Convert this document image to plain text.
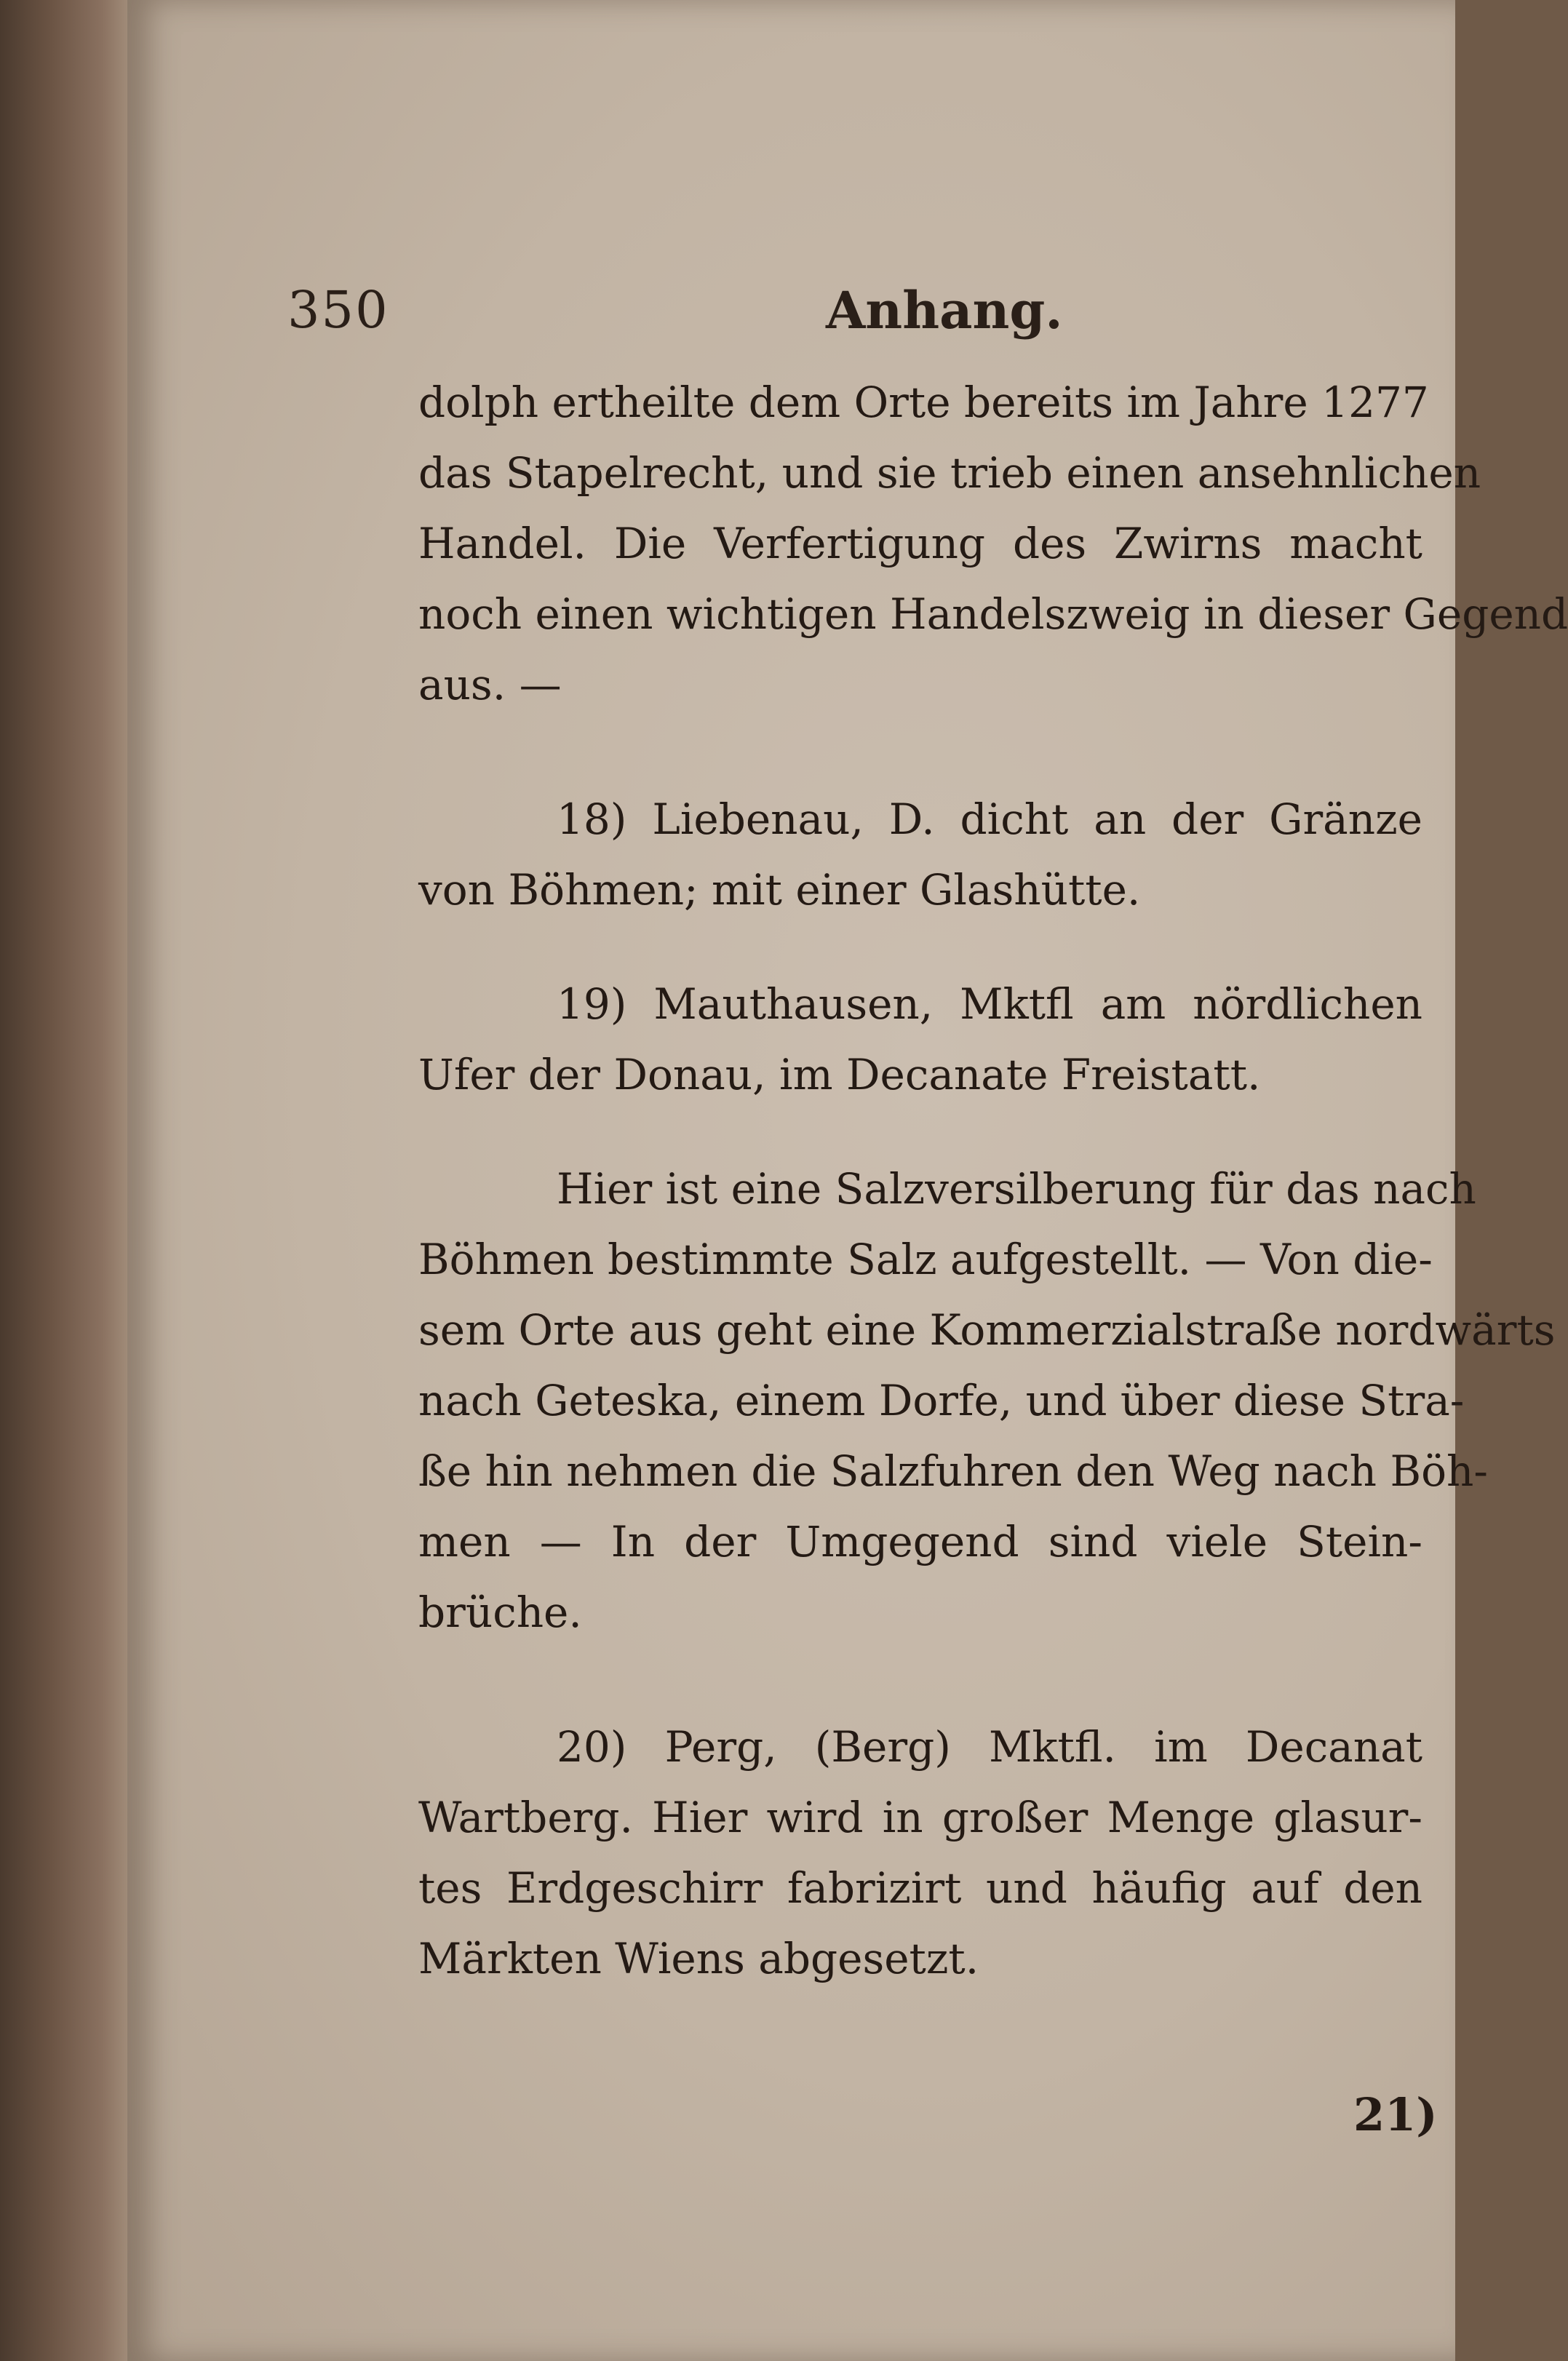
350	Anhang.
dolph ertheilte dem Orte bereits im Jahre 1277
das Stapelrecht, und sie trieb einen ansehnlichen
Handel. Die Verfertigung des Zwirns macht
noch einen wichtigen Handelszweig in dieser Gegend
aus. —
18) Liebenau, D. dicht an der Gränze
von Böhmen; mit einer Glashütte.
19) Mauthausen, Mktfl am nördlichen
Ufer der Donau, im Decanate Freistatt.
Hier ist eine Salzversilberung für das nach
Böhmen bestimmte Salz aufgestellt. — Von die-
sem Orte aus geht eine Kommerzialstraße nordwärts
nach Geteska, einem Dorfe, und über diese Stra-
ße hin nehmen die Salzfuhren den Weg nach Böh-
men — In der Umgegend sind viele Stein-
brüche.
20) Perg, (Berg) Mktfl. im Decanat
Wartberg. Hier wird in großer Menge glasur-
tes Erdgeschirr fabrizirt und häufig auf den
Märkten Wiens abgesetzt.
21)
